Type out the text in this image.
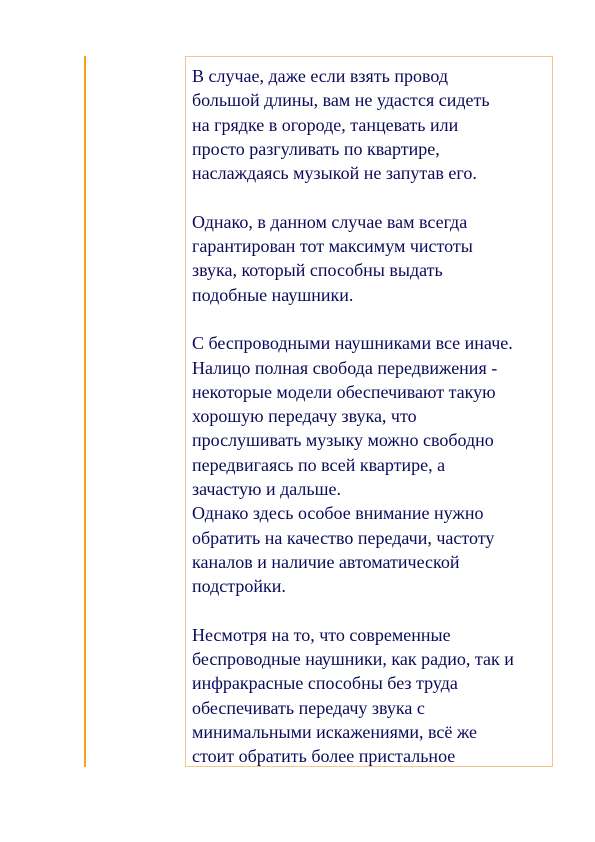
В случае, даже если взять провод
большой длины, вам не удастся сидеть
на грядке в огороде, танцевать или
просто разгуливать по квартире,
наслаждаясь музыкой не запутав его.

Однако, в данном случае вам всегда
гарантирован тот максимум чистоты
звука, который способны выдать
подобные наушники.

С беспроводными наушниками все иначе.
Налицо полная свобода передвижения -
некоторые модели обеспечивают такую
хорошую передачу звука, что
прослушивать музыку можно свободно
передвигаясь по всей квартире, а
зачастую и дальше.

Однако здесь особое внимание нужно
обратить на качество передачи, частоту
каналов и наличие автоматической
подстройки.

Несмотря на то, что современные
беспроводные наушники, как радио, так и
инфракрасные способны без труда
обеспечивать передачу звука с
минимальными искажениями, всё же
стоит обратить более пристальное
